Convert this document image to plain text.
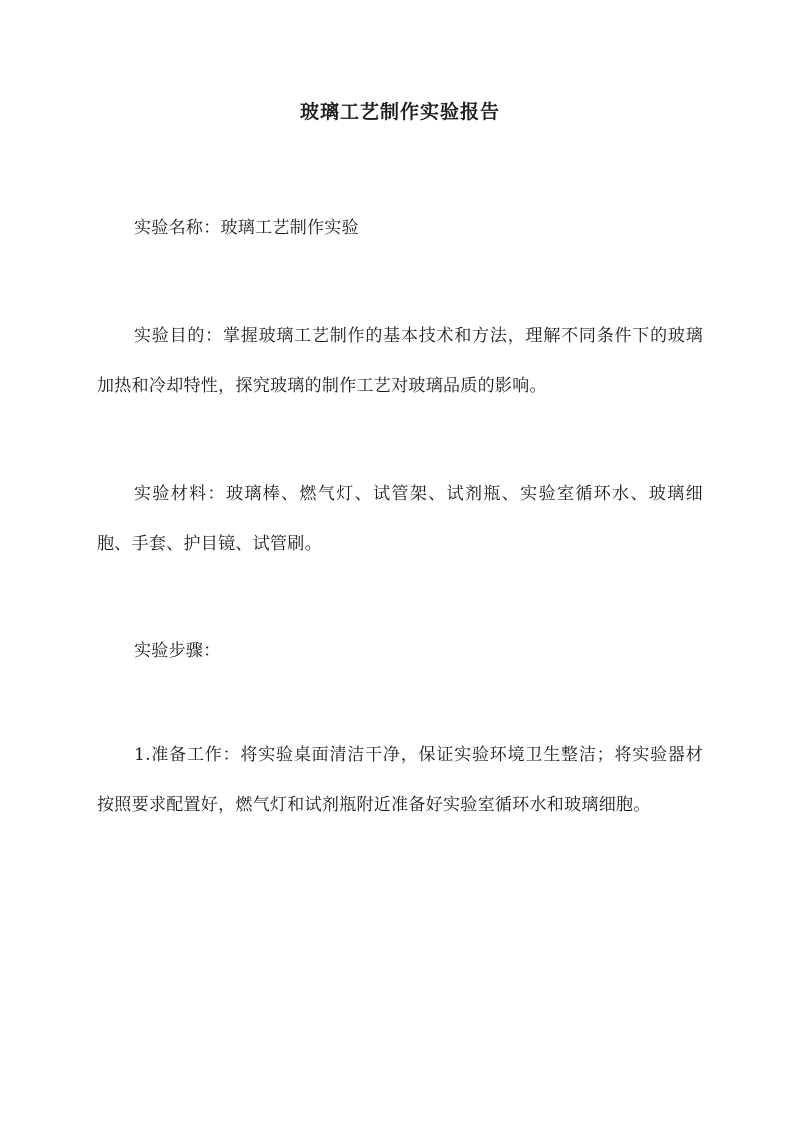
玻璃工艺制作实验报告

实验名称：玻璃工艺制作实验

实验目的：掌握玻璃工艺制作的基本技术和方法，理解不同条件下的玻璃加热和冷却特性，探究玻璃的制作工艺对玻璃品质的影响。

实验材料：玻璃棒、燃气灯、试管架、试剂瓶、实验室循环水、玻璃细胞、手套、护目镜、试管刷。

实验步骤：

1.准备工作：将实验桌面清洁干净，保证实验环境卫生整洁；将实验器材按照要求配置好，燃气灯和试剂瓶附近准备好实验室循环水和玻璃细胞。
